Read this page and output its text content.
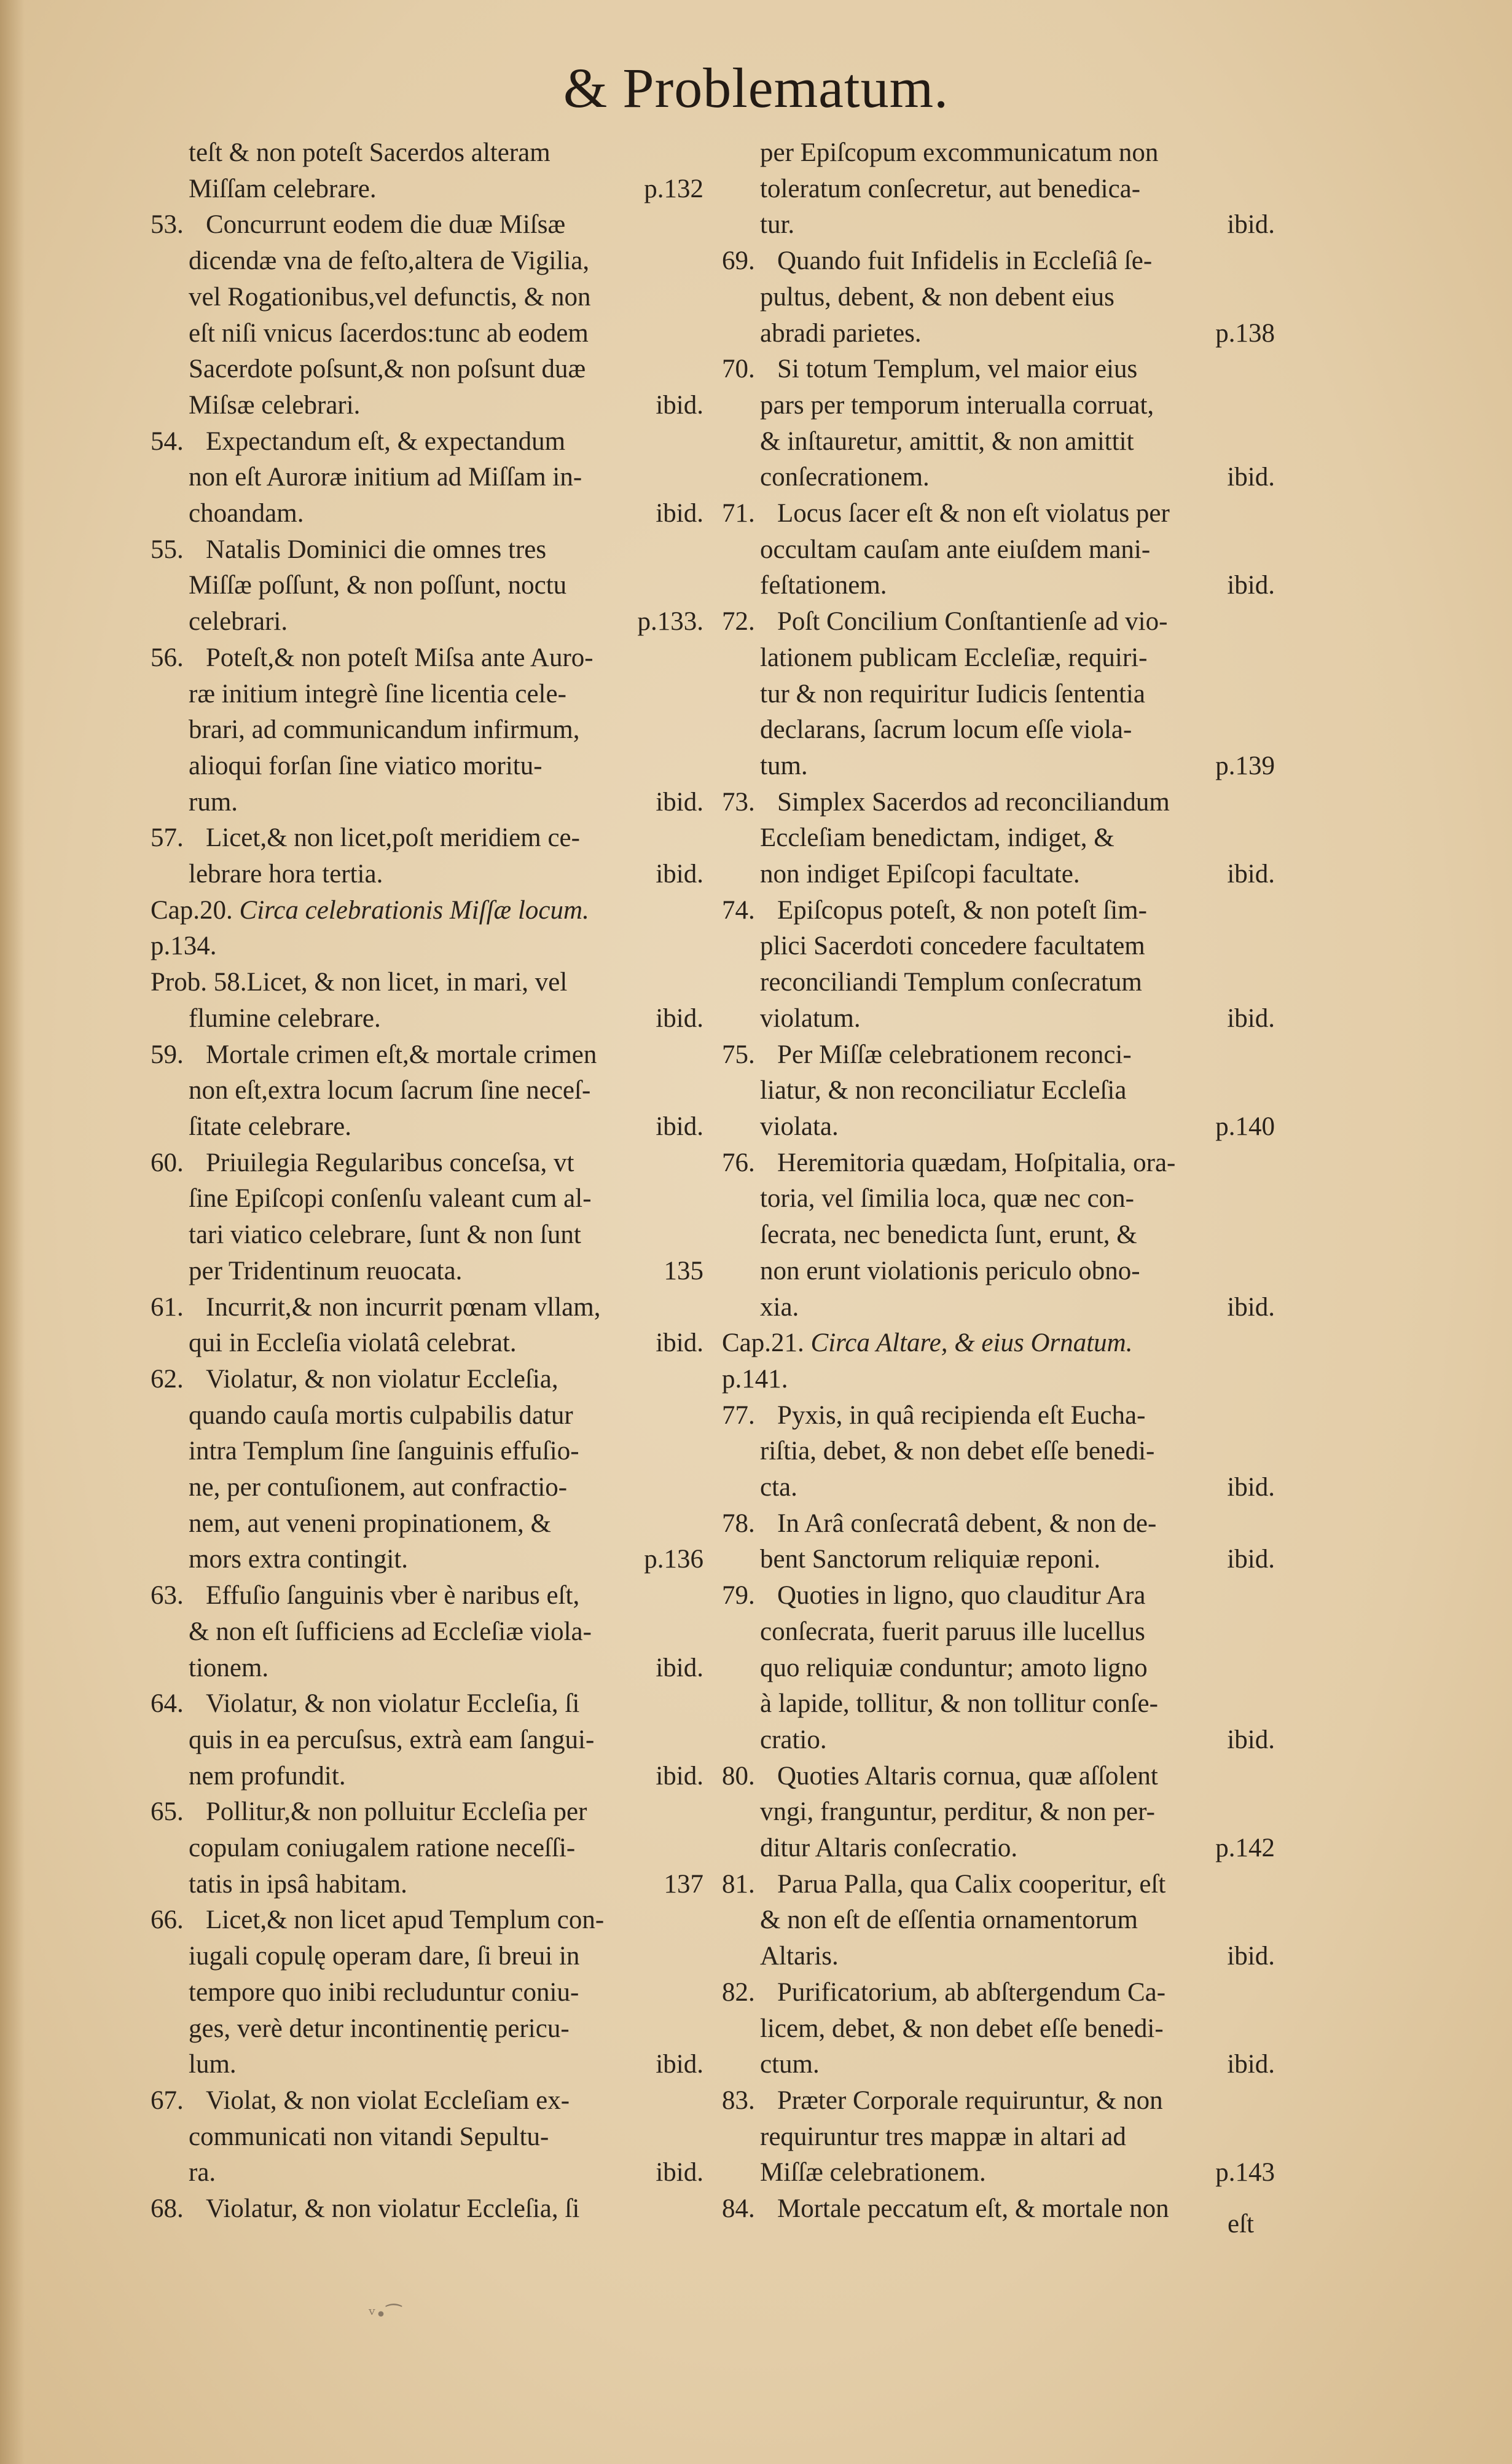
& Problematum.

teſt & non poteſt Sacerdos alteram

Miſſam celebrare.	p.132

53. Concurrunt eodem die duæ Miſsæ

dicendæ vna de feſto,altera de Vigilia,

vel Rogationibus,vel defunctis, & non

eſt niſi vnicus ſacerdos:tunc ab eodem

Sacerdote poſsunt,& non poſsunt duæ

Miſsæ celebrari.	ibid.

54. Expectandum eſt, & expectandum

non eſt Auroræ initium ad Miſſam in-

choandam.	ibid.

55. Natalis Dominici die omnes tres

Miſſæ poſſunt, & non poſſunt, noctu

celebrari.	p.133.

56. Poteſt,& non poteſt Miſsa ante Auro-

ræ initium integrè ſine licentia cele-

brari, ad communicandum infirmum,

alioqui forſan ſine viatico moritu-

rum.	ibid.

57. Licet,& non licet,poſt meridiem ce-

lebrare hora tertia.	ibid.

Cap.20. Circa celebrationis Miſſæ locum.

p.134.

Prob. 58.Licet, & non licet, in mari, vel

flumine celebrare.	ibid.

59. Mortale crimen eſt,& mortale crimen

non eſt,extra locum ſacrum ſine neceſ-

ſitate celebrare.	ibid.

60. Priuilegia Regularibus conceſsa, vt

ſine Epiſcopi conſenſu valeant cum al-

tari viatico celebrare, ſunt & non ſunt

per Tridentinum reuocata.	135

61. Incurrit,& non incurrit pœnam vllam,

qui in Eccleſia violatâ celebrat.	ibid.

62. Violatur, & non violatur Eccleſia,

quando cauſa mortis culpabilis datur

intra Templum ſine ſanguinis effuſio-

ne, per contuſionem, aut confractio-

nem, aut veneni propinationem, &

mors extra contingit.	p.136

63. Effuſio ſanguinis vber è naribus eſt,

& non eſt ſufficiens ad Eccleſiæ viola-

tionem.	ibid.

64. Violatur, & non violatur Eccleſia, ſi

quis in ea percuſsus, extrà eam ſangui-

nem profundit.	ibid.

65. Pollitur,& non polluitur Eccleſia per

copulam coniugalem ratione neceſſi-

tatis in ipsâ habitam.	137

66. Licet,& non licet apud Templum con-

iugali copulę operam dare, ſi breui in

tempore quo inibi recluduntur coniu-

ges, verè detur incontinentię pericu-

lum.	ibid.

67. Violat, & non violat Eccleſiam ex-

communicati non vitandi Sepultu-

ra.	ibid.

68. Violatur, & non violatur Eccleſia, ſi

per Epiſcopum excommunicatum non

toleratum conſecretur, aut benedica-

tur.	ibid.

69. Quando fuit Infidelis in Eccleſiâ ſe-

pultus, debent, & non debent eius

abradi parietes.	p.138

70. Si totum Templum, vel maior eius

pars per temporum interualla corruat,

& inſtauretur, amittit, & non amittit

conſecrationem.	ibid.

71. Locus ſacer eſt & non eſt violatus per

occultam cauſam ante eiuſdem mani-

feſtationem.	ibid.

72. Poſt Concilium Conſtantienſe ad vio-

lationem publicam Eccleſiæ, requiri-

tur & non requiritur Iudicis ſententia

declarans, ſacrum locum eſſe viola-

tum.	p.139

73. Simplex Sacerdos ad reconciliandum

Eccleſiam benedictam, indiget, &

non indiget Epiſcopi facultate.	ibid.

74. Epiſcopus poteſt, & non poteſt ſim-

plici Sacerdoti concedere facultatem

reconciliandi Templum conſecratum

violatum.	ibid.

75. Per Miſſæ celebrationem reconci-

liatur, & non reconciliatur Eccleſia

violata.	p.140

76. Heremitoria quædam, Hoſpitalia, ora-

toria, vel ſimilia loca, quæ nec con-

ſecrata, nec benedicta ſunt, erunt, &

non erunt violationis periculo obno-

xia.	ibid.

Cap.21. Circa Altare, & eius Ornatum.

p.141.

77. Pyxis, in quâ recipienda eſt Eucha-

riſtia, debet, & non debet eſſe benedi-

cta.	ibid.

78. In Arâ conſecratâ debent, & non de-

bent Sanctorum reliquiæ reponi.	ibid.

79. Quoties in ligno, quo clauditur Ara

conſecrata, fuerit paruus ille lucellus

quo reliquiæ conduntur; amoto ligno

à lapide, tollitur, & non tollitur conſe-

cratio.	ibid.

80. Quoties Altaris cornua, quæ aſſolent

vngi, franguntur, perditur, & non per-

ditur Altaris conſecratio.	p.142

81. Parua Palla, qua Calix cooperitur, eſt

& non eſt de eſſentia ornamentorum

Altaris.	ibid.

82. Purificatorium, ab abſtergendum Ca-

licem, debet, & non debet eſſe benedi-

ctum.	ibid.

83. Præter Corporale requiruntur, & non

requiruntur tres mappæ in altari ad

Miſſæ celebrationem.	p.143

84. Mortale peccatum eſt, & mortale non

eſt
ᵛ•⁀
